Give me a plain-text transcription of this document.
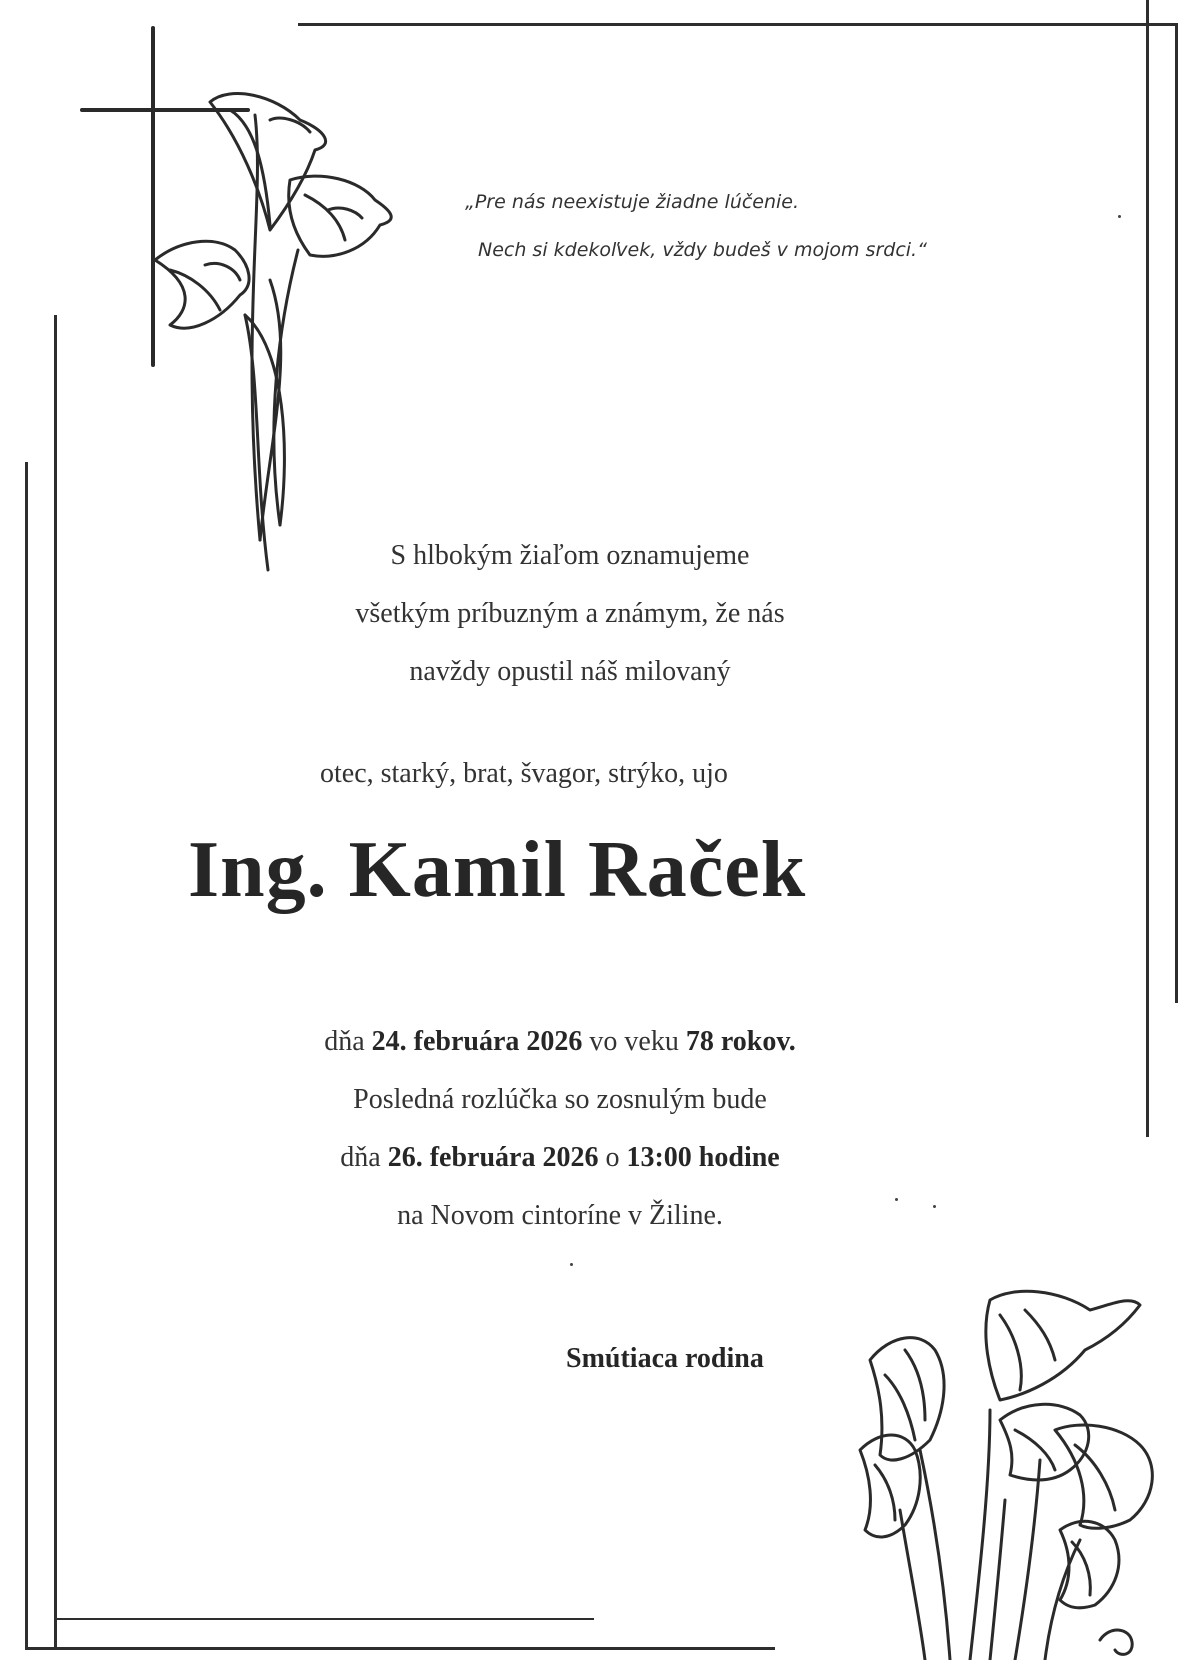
„Pre nás neexistuje žiadne lúčenie.
Nech si kdekoľvek, vždy budeš v mojom srdci.“
S hlbokým žiaľom oznamujeme
všetkým príbuzným a známym, že nás
navždy opustil náš milovaný
otec, starký, brat, švagor, strýko, ujo
Ing. Kamil Raček
dňa 24. februára 2026 vo veku 78 rokov.
Posledná rozlúčka so zosnulým bude
dňa 26. februára 2026 o 13:00 hodine
na Novom cintoríne v Žiline.
Smútiaca rodina
